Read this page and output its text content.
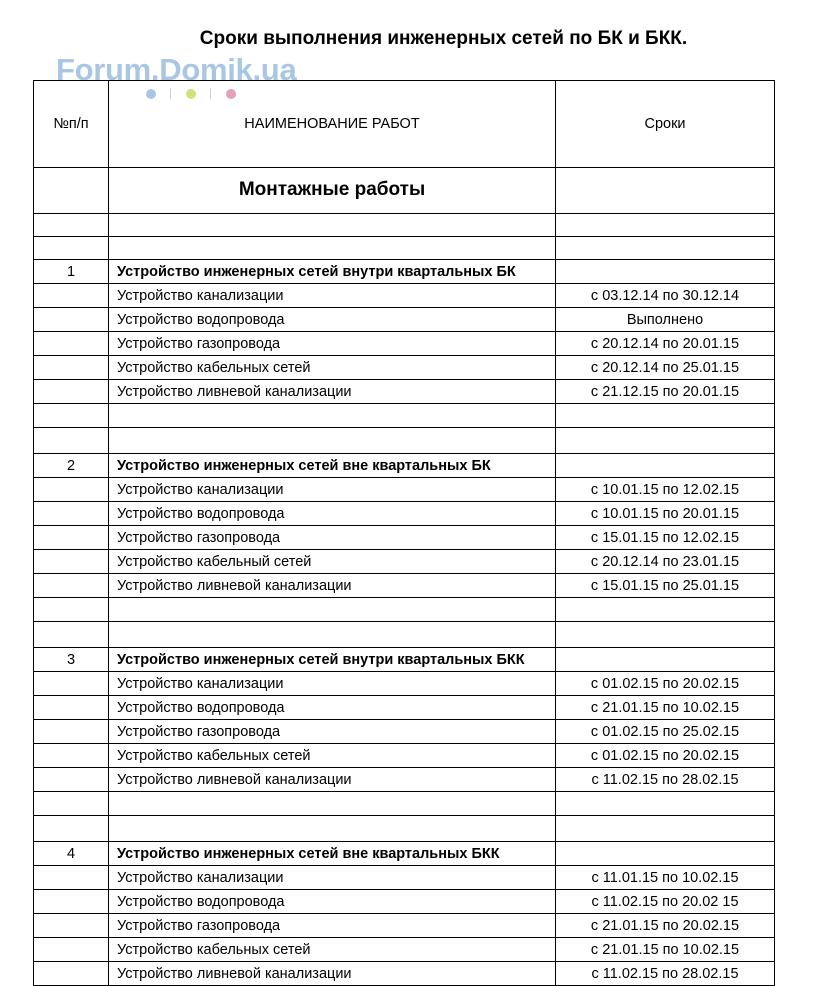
Сроки выполнения инженерных сетей по БК и БКК.
Forum.Domik.ua
№п/п	НАИМЕНОВАНИЕ РАБОТ	Сроки
	Монтажные работы	

1	Устройство инженерных сетей внутри квартальных БК	
	Устройство канализации	с 03.12.14 по 30.12.14
	Устройство водопровода	Выполнено
	Устройство газопровода	с 20.12.14 по 20.01.15
	Устройство кабельных сетей	с 20.12.14 по 25.01.15
	Устройство ливневой канализации	с 21.12.15 по 20.01.15

2	Устройство инженерных сетей вне квартальных БК	
	Устройство канализации	с 10.01.15 по 12.02.15
	Устройство водопровода	с 10.01.15 по 20.01.15
	Устройство газопровода	с 15.01.15 по 12.02.15
	Устройство кабельный сетей	с 20.12.14 по 23.01.15
	Устройство ливневой канализации	с 15.01.15 по 25.01.15

3	Устройство инженерных сетей внутри квартальных БКК	
	Устройство канализации	с 01.02.15 по 20.02.15
	Устройство водопровода	с 21.01.15 по 10.02.15
	Устройство газопровода	с 01.02.15 по 25.02.15
	Устройство кабельных сетей	с 01.02.15 по 20.02.15
	Устройство ливневой канализации	с 11.02.15 по 28.02.15

4	Устройство инженерных сетей вне квартальных БКК	
	Устройство канализации	с 11.01.15 по 10.02.15
	Устройство водопровода	с 11.02.15 по 20.02 15
	Устройство газопровода	с 21.01.15 по 20.02.15
	Устройство кабельных сетей	с 21.01.15 по 10.02.15
	Устройство ливневой канализации	с 11.02.15 по 28.02.15
